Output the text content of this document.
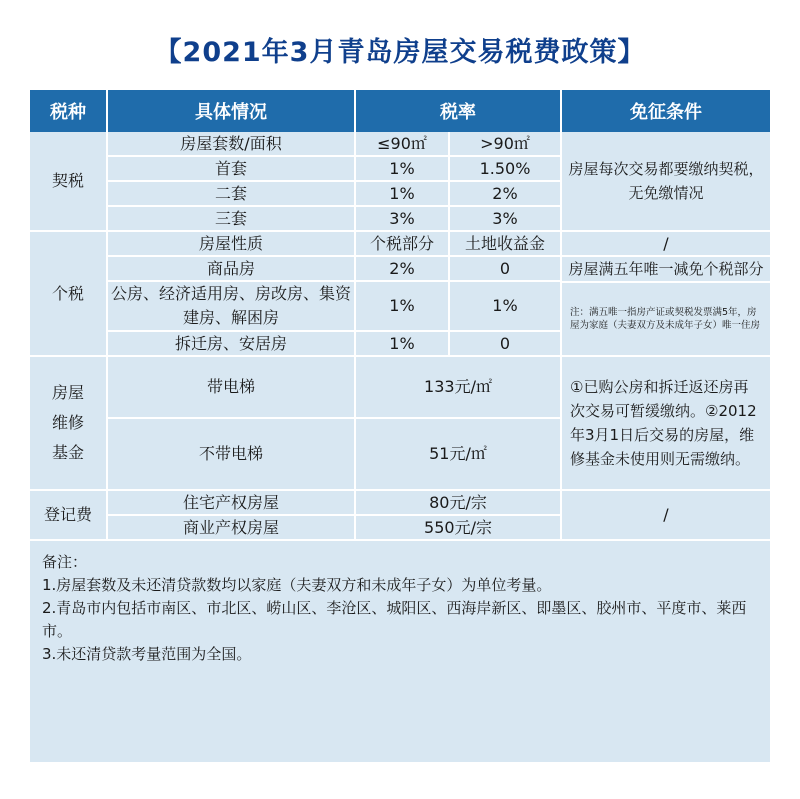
【2021年3月青岛房屋交易税费政策】
税种	具体情况	税率		免征条件
契税	房屋套数/面积	≤90㎡	>90㎡	房屋每次交易都要缴纳契税，无免缴情况
	首套	1%	1.50%	
	二套	1%	2%	
	三套	3%	3%	
个税	房屋性质	个税部分	土地收益金	/
	商品房	2%	0	房屋满五年唯一减免个税部分
	公房、经济适用房、房改房、集资建房、解困房	1%	1%	
				注：满五唯一指房产证或契税发票满5年，房屋为家庭（夫妻双方及未成年子女）唯一住房
	拆迁房、安居房	1%	0	
房屋维修基金	带电梯	133元/㎡		①已购公房和拆迁返还房再次交易可暂缓缴纳。②2012年3月1日后交易的房屋，维修基金未使用则无需缴纳。
	不带电梯	51元/㎡		
登记费	住宅产权房屋	80元/宗		/
	商业产权房屋	550元/宗		

备注：
1.房屋套数及未还清贷款数均以家庭（夫妻双方和未成年子女）为单位考量。
2.青岛市内包括市南区、市北区、崂山区、李沧区、城阳区、西海岸新区、即墨区、胶州市、平度市、莱西市。
3.未还清贷款考量范围为全国。				
